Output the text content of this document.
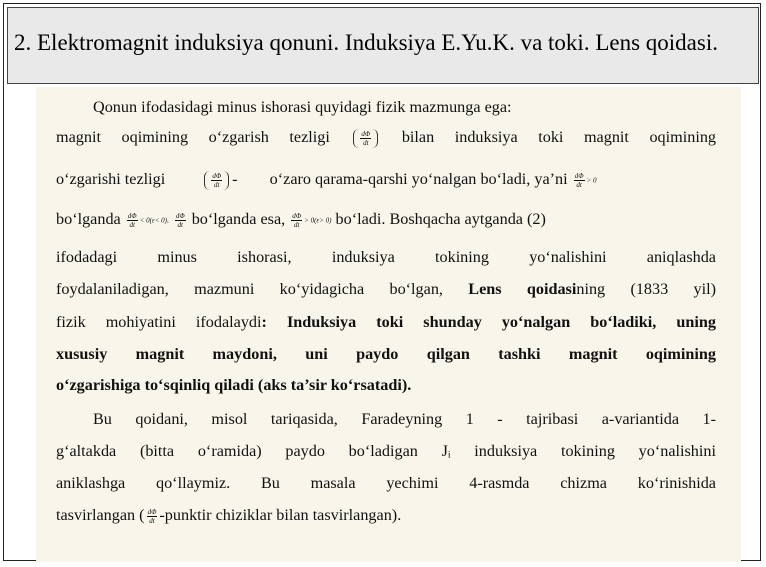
2. Elektromagnit induksiya qonuni. Induksiya E.Yu.K. va toki. Lens qoidasi.
Qonun ifodasidagi minus ishorasi quyidagi fizik mazmunga ega:
magnit oqimining o‘zgarish tezligi	$\frac{d\Phi}{dt}$ bilan induksiya toki magnit oqimining
o‘zgarishi tezligi	$\frac{d\Phi}{dt}$ - o‘zaro qarama-qarshi yo‘nalgan bo‘ladi, ya’ni $\frac{d\Phi}{dt} > 0$
bo‘lganda $\frac{d\Phi}{dt} < 0(\varepsilon< 0)$, $\frac{d\Phi}{dt}$ bo‘lganda esa, $\frac{d\Phi}{dt} > 0(\varepsilon> 0)$ bo‘ladi. Boshqacha aytganda (2)
ifodadagi minus ishorasi, induksiya tokining yo‘nalishini aniqlashda
foydalaniladigan, mazmuni ko‘yidagicha bo‘lgan, Lens qoidasining (1833 yil)
fizik mohiyatini ifodalaydi: Induksiya toki shunday yo‘nalgan bo‘ladiki, uning
xususiy magnit maydoni, uni paydo qilgan tashki magnit oqimining
o‘zgarishiga to‘sqinliq qiladi (aks ta’sir ko‘rsatadi).
Bu qoidani, misol tariqasida, Faradeyning 1 - tajribasi a-variantida 1-
g‘altakda (bitta o‘ramida) paydo bo‘ladigan Jᵢ induksiya tokining yo‘nalishini
aniklashga qo‘llaymiz. Bu masala yechimi 4-rasmda chizma ko‘rinishida
tasvirlangan ( $\frac{d\Phi}{dt}$ -punktir chiziklar bilan tasvirlangan).
